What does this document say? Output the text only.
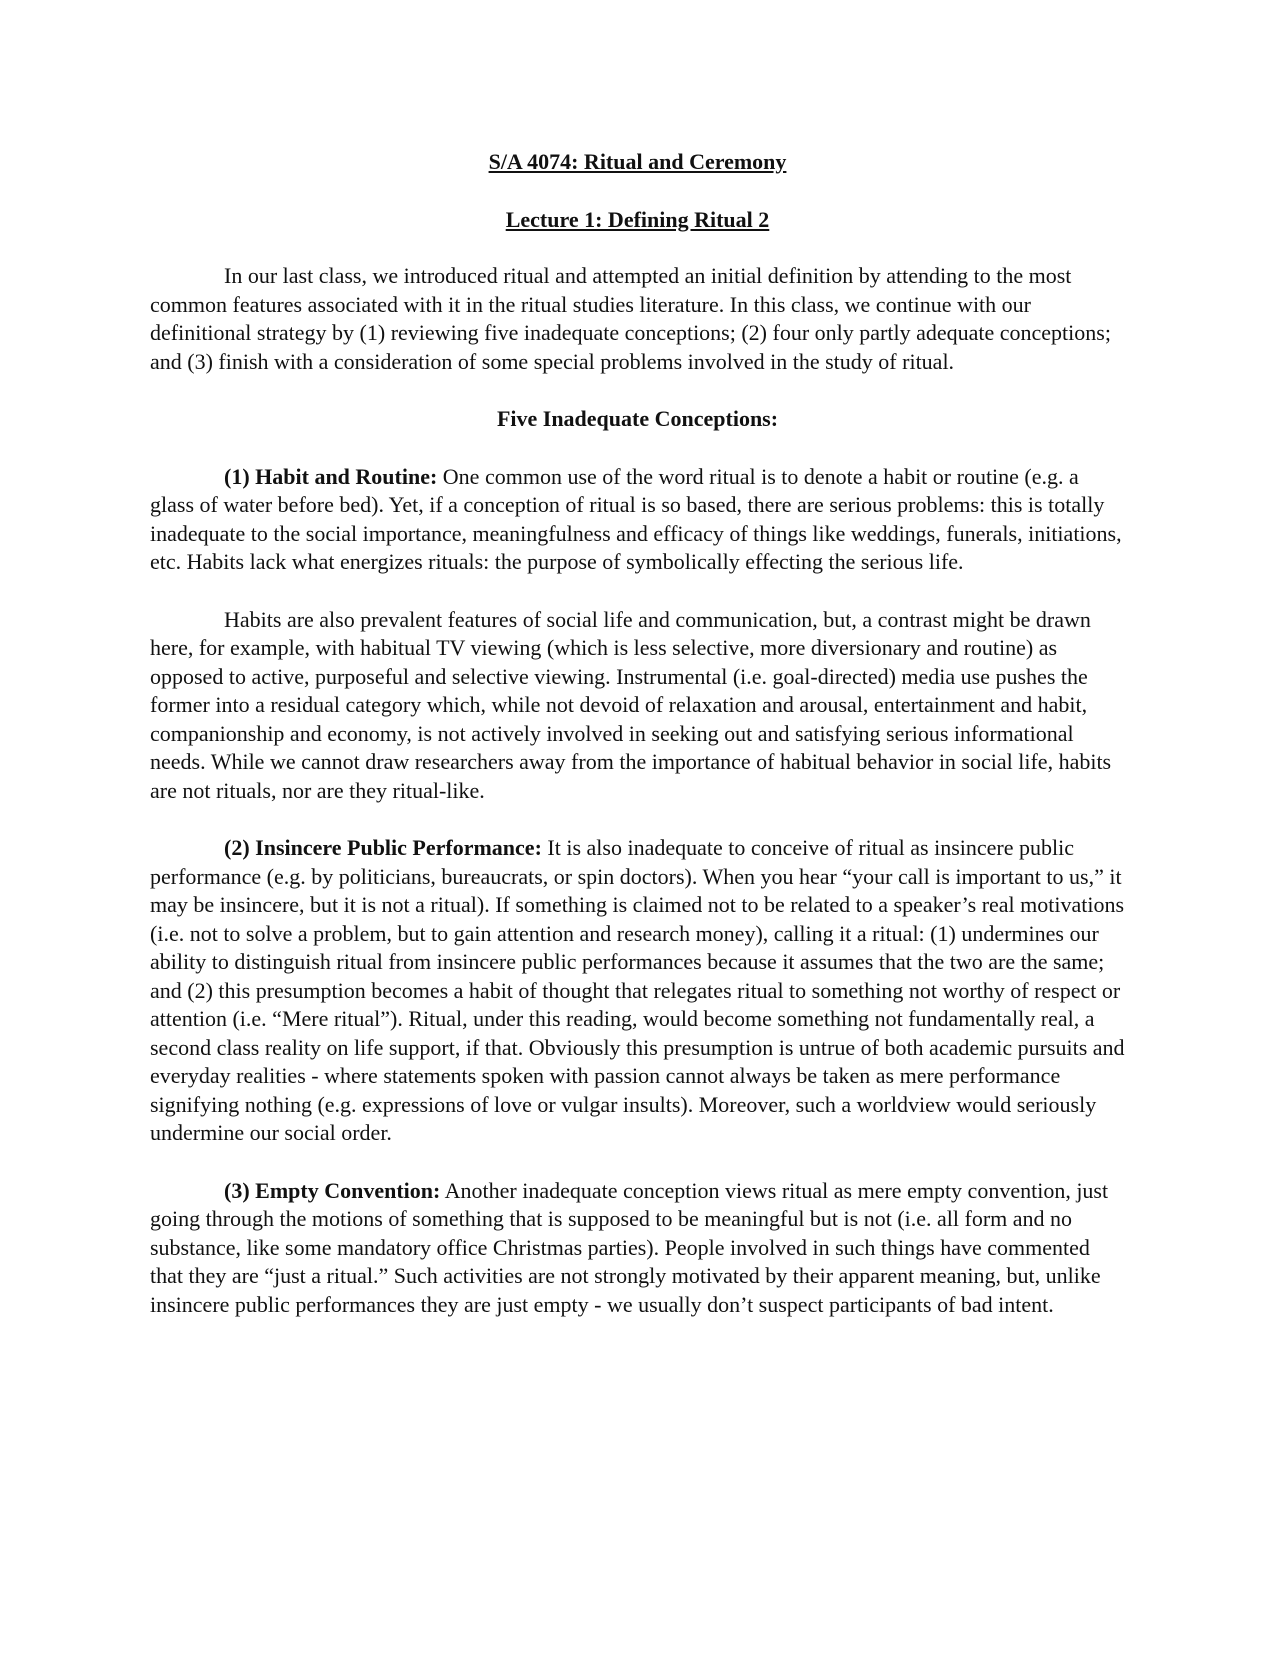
S/A 4074: Ritual and Ceremony

Lecture 1: Defining Ritual 2

In our last class, we introduced ritual and attempted an initial definition by attending to the most common features associated with it in the ritual studies literature. In this class, we continue with our definitional strategy by (1) reviewing five inadequate conceptions; (2) four only partly adequate conceptions; and (3) finish with a consideration of some special problems involved in the study of ritual.

Five Inadequate Conceptions:

(1) Habit and Routine: One common use of the word ritual is to denote a habit or routine (e.g. a glass of water before bed). Yet, if a conception of ritual is so based, there are serious problems: this is totally inadequate to the social importance, meaningfulness and efficacy of things like weddings, funerals, initiations, etc. Habits lack what energizes rituals: the purpose of symbolically effecting the serious life.

Habits are also prevalent features of social life and communication, but, a contrast might be drawn here, for example, with habitual TV viewing (which is less selective, more diversionary and routine) as opposed to active, purposeful and selective viewing. Instrumental (i.e. goal-directed) media use pushes the former into a residual category which, while not devoid of relaxation and arousal, entertainment and habit, companionship and economy, is not actively involved in seeking out and satisfying serious informational needs. While we cannot draw researchers away from the importance of habitual behavior in social life, habits are not rituals, nor are they ritual-like.

(2) Insincere Public Performance: It is also inadequate to conceive of ritual as insincere public performance (e.g. by politicians, bureaucrats, or spin doctors). When you hear “your call is important to us,” it may be insincere, but it is not a ritual). If something is claimed not to be related to a speaker’s real motivations (i.e. not to solve a problem, but to gain attention and research money), calling it a ritual: (1) undermines our ability to distinguish ritual from insincere public performances because it assumes that the two are the same; and (2) this presumption becomes a habit of thought that relegates ritual to something not worthy of respect or attention (i.e. “Mere ritual”). Ritual, under this reading, would become something not fundamentally real, a second class reality on life support, if that. Obviously this presumption is untrue of both academic pursuits and everyday realities - where statements spoken with passion cannot always be taken as mere performance signifying nothing (e.g. expressions of love or vulgar insults). Moreover, such a worldview would seriously undermine our social order.

(3) Empty Convention: Another inadequate conception views ritual as mere empty convention, just going through the motions of something that is supposed to be meaningful but is not (i.e. all form and no substance, like some mandatory office Christmas parties). People involved in such things have commented that they are “just a ritual.” Such activities are not strongly motivated by their apparent meaning, but, unlike insincere public performances they are just empty - we usually don’t suspect participants of bad intent.
